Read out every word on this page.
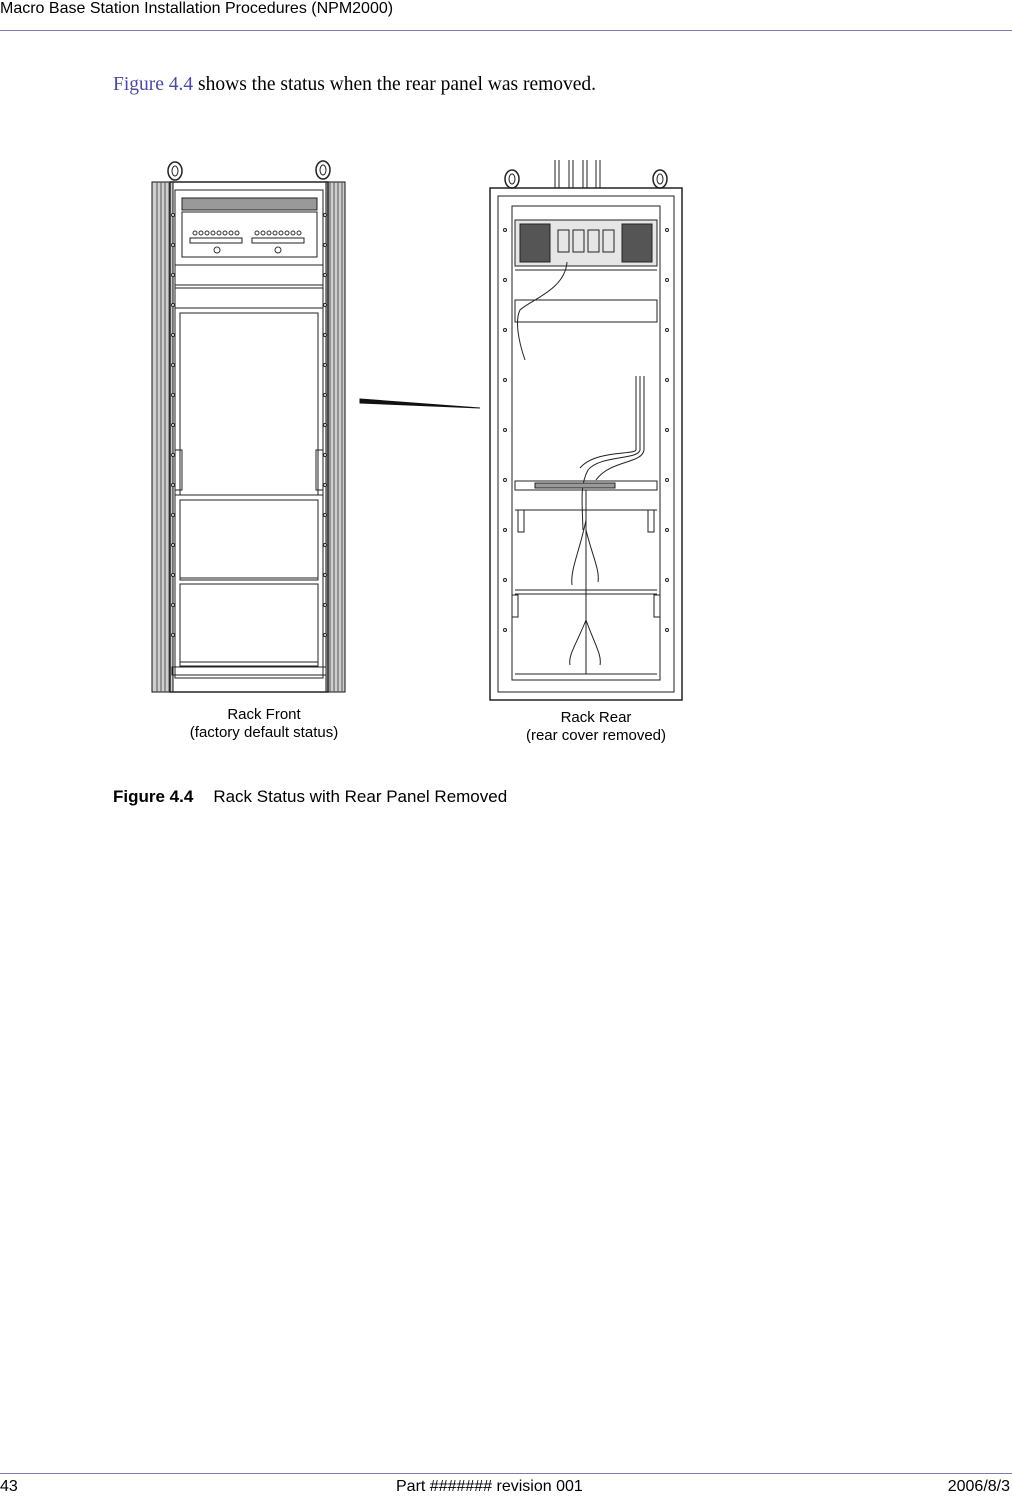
Macro Base Station Installation Procedures (NPM2000)
Figure 4.4 shows the status when the rear panel was removed.
Rack Front
(factory default status)
Rack Rear
(rear cover removed)
Figure 4.4 Rack Status with Rear Panel Removed
43	Part ####### revision 001	2006/8/3
